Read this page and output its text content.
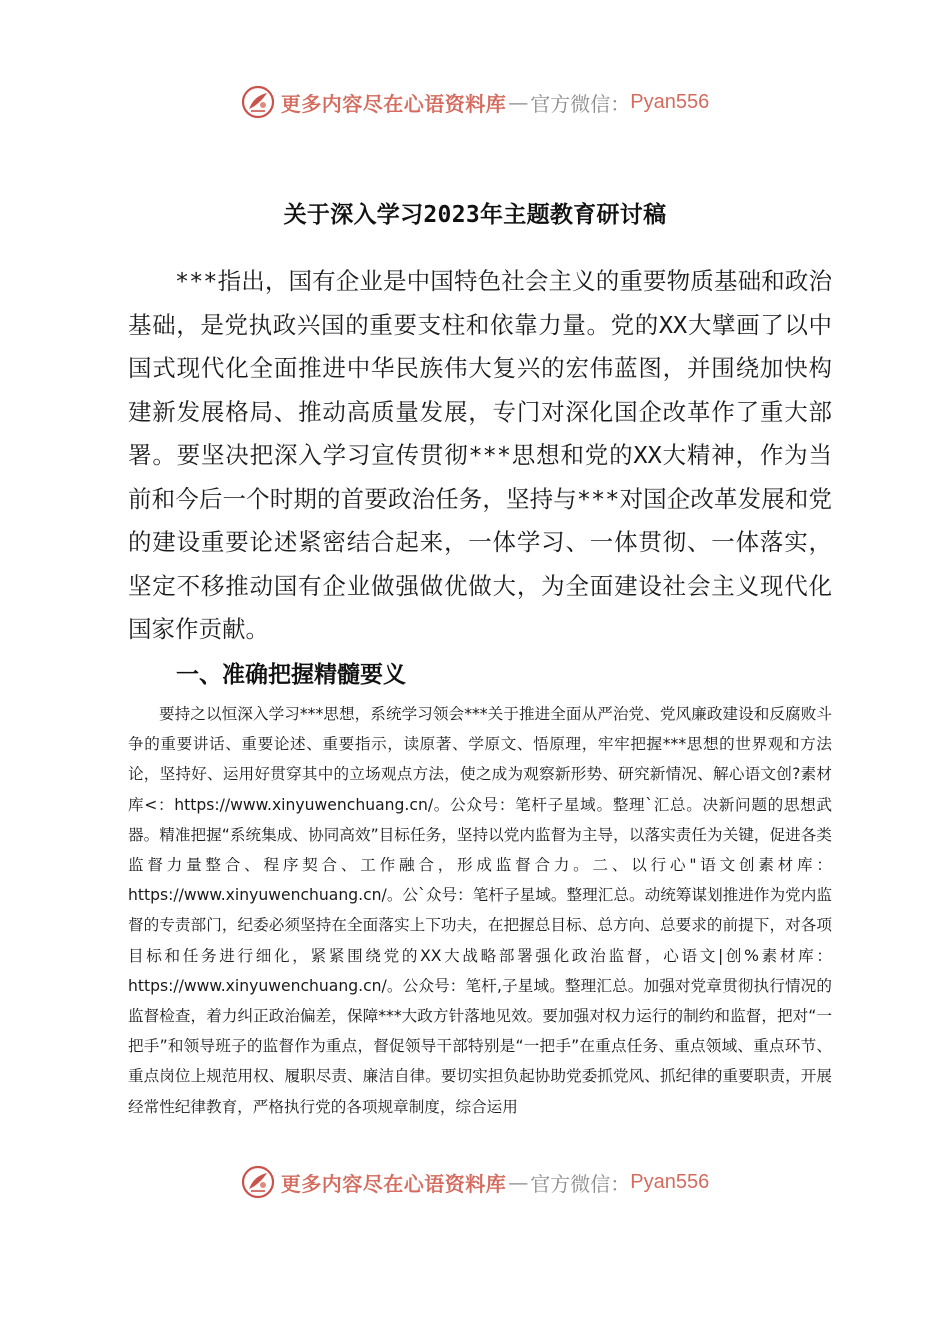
更多内容尽在心语资料库 — 官方微信： Pyan556
关于深入学习2023年主题教育研讨稿

***指出，国有企业是中国特色社会主义的重要物质基础和政治基础，是党执政兴国的重要支柱和依靠力量。党的XX大擘画了以中国式现代化全面推进中华民族伟大复兴的宏伟蓝图，并围绕加快构建新发展格局、推动高质量发展，专门对深化国企改革作了重大部署。要坚决把深入学习宣传贯彻***思想和党的XX大精神，作为当前和今后一个时期的首要政治任务，坚持与***对国企改革发展和党的建设重要论述紧密结合起来，一体学习、一体贯彻、一体落实，坚定不移推动国有企业做强做优做大，为全面建设社会主义现代化国家作贡献。

一、准确把握精髓要义

要持之以恒深入学习***思想，系统学习领会***关于推进全面从严治党、党风廉政建设和反腐败斗争的重要讲话、重要论述、重要指示，读原著、学原文、悟原理，牢牢把握***思想的世界观和方法论，坚持好、运用好贯穿其中的立场观点方法，使之成为观察新形势、研究新情况、解心语文创?素材库<：https://www.xinyuwenchuang.cn/。公众号：笔杆子星域。整理`汇总。决新问题的思想武器。精准把握“系统集成、协同高效”目标任务，坚持以党内监督为主导，以落实责任为关键，促进各类监督力量整合、程序契合、工作融合，形成监督合力。二、以行心"语文创素材库：https://www.xinyuwenchuang.cn/。公`众号：笔杆子星域。整理汇总。动统筹谋划推进作为党内监督的专责部门，纪委必须坚持在全面落实上下功夫，在把握总目标、总方向、总要求的前提下，对各项目标和任务进行细化，紧紧围绕党的XX大战略部署强化政治监督，心语文|创%素材库：https://www.xinyuwenchuang.cn/。公众号：笔杆,子星域。整理汇总。加强对党章贯彻执行情况的监督检查，着力纠正政治偏差，保障***大政方针落地见效。要加强对权力运行的制约和监督，把对“一把手”和领导班子的监督作为重点，督促领导干部特别是“一把手”在重点任务、重点领域、重点环节、重点岗位上规范用权、履职尽责、廉洁自律。要切实担负起协助党委抓党风、抓纪律的重要职责，开展经常性纪律教育，严格执行党的各项规章制度，综合运用

更多内容尽在心语资料库 — 官方微信： Pyan556
